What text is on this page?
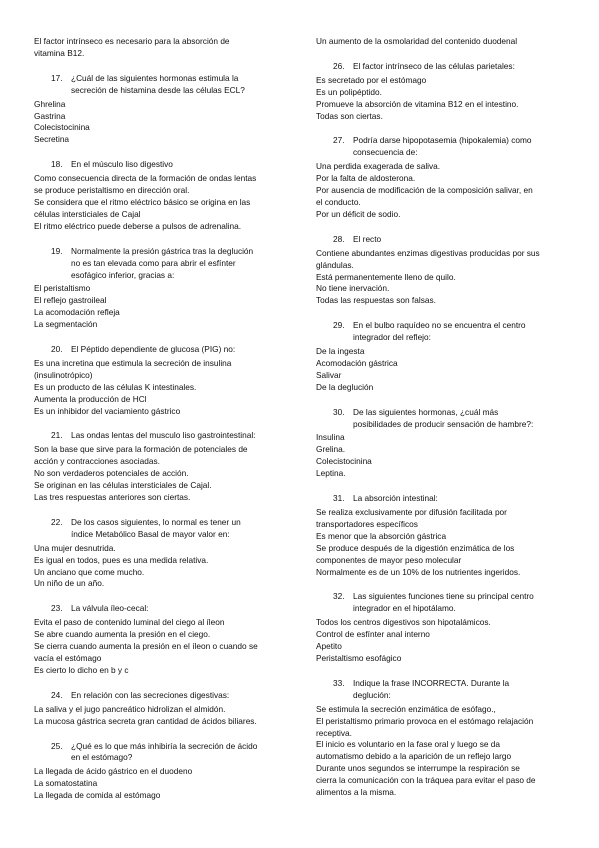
El factor intrínseco es necesario para la absorción de
vitamina B12.
17. ¿Cuál de las siguientes hormonas estimula la
secreción de histamina desde las células ECL?
Ghrelina
Gastrina
Colecistocinina
Secretina
18. En el músculo liso digestivo
Como consecuencia directa de la formación de ondas lentas
se produce peristaltismo en dirección oral.
Se considera que el ritmo eléctrico básico se origina en las
células intersticiales de Cajal
El ritmo eléctrico puede deberse a pulsos de adrenalina.
19. Normalmente la presión gástrica tras la deglución
no es tan elevada como para abrir el esfínter
esofágico inferior, gracias a:
El peristaltismo
El reflejo gastroileal
La acomodación refleja
La segmentación
20. El Péptido dependiente de glucosa (PIG) no:
Es una incretina que estimula la secreción de insulina
(insulinotrópico)
Es un producto de las células K intestinales.
Aumenta la producción de HCl
Es un inhibidor del vaciamiento gástrico
21. Las ondas lentas del musculo liso gastrointestinal:
Son la base que sirve para la formación de potenciales de
acción y contracciones asociadas.
No son verdaderos potenciales de acción.
Se originan en las células intersticiales de Cajal.
Las tres respuestas anteriores son ciertas.
22. De los casos siguientes, lo normal es tener un
índice Metabólico Basal de mayor valor en:
Una mujer desnutrida.
Es igual en todos, pues es una medida relativa.
Un anciano que come mucho.
Un niño de un año.
23. La válvula íleo-cecal:
Evita el paso de contenido luminal del ciego al íleon
Se abre cuando aumenta la presión en el ciego.
Se cierra cuando aumenta la presión en el íleon o cuando se
vacía el estómago
Es cierto lo dicho en b y c
24. En relación con las secreciones digestivas:
La saliva y el jugo pancreático hidrolizan el almidón.
La mucosa gástrica secreta gran cantidad de ácidos biliares.
25. ¿Qué es lo que más inhibiría la secreción de ácido
en el estómago?
La llegada de ácido gástrico en el duodeno
La somatostatina
La llegada de comida al estómago
Un aumento de la osmolaridad del contenido duodenal
26. El factor intrínseco de las células parietales:
Es secretado por el estómago
Es un polipéptido.
Promueve la absorción de vitamina B12 en el intestino.
Todas son ciertas.
27. Podría darse hipopotasemia (hipokalemia) como
consecuencia de:
Una perdida exagerada de saliva.
Por la falta de aldosterona.
Por ausencia de modificación de la composición salivar, en
el conducto.
Por un déficit de sodio.
28. El recto
Contiene abundantes enzimas digestivas producidas por sus
glándulas.
Está permanentemente lleno de quilo.
No tiene inervación.
Todas las respuestas son falsas.
29. En el bulbo raquídeo no se encuentra el centro
integrador del reflejo:
De la ingesta
Acomodación gástrica
Salivar
De la deglución
30. De las siguientes hormonas, ¿cuál más
posibilidades de producir sensación de hambre?:
Insulina
Grelina.
Colecistocinina
Leptina.
31. La absorción intestinal:
Se realiza exclusivamente por difusión facilitada por
transportadores específicos
Es menor que la absorción gástrica
Se produce después de la digestión enzimática de los
componentes de mayor peso molecular
Normalmente es de un 10% de los nutrientes ingeridos.
32. Las siguientes funciones tiene su principal centro
integrador en el hipotálamo.
Todos los centros digestivos son hipotalámicos.
Control de esfínter anal interno
Apetito
Peristaltismo esofágico
33. Indique la frase INCORRECTA. Durante la
deglución:
Se estimula la secreción enzimática de esófago.,
El peristaltismo primario provoca en el estómago relajación
receptiva.
El inicio es voluntario en la fase oral y luego se da
automatismo debido a la aparición de un reflejo largo
Durante unos segundos se interrumpe la respiración se
cierra la comunicación con la tráquea para evitar el paso de
alimentos a la misma.
